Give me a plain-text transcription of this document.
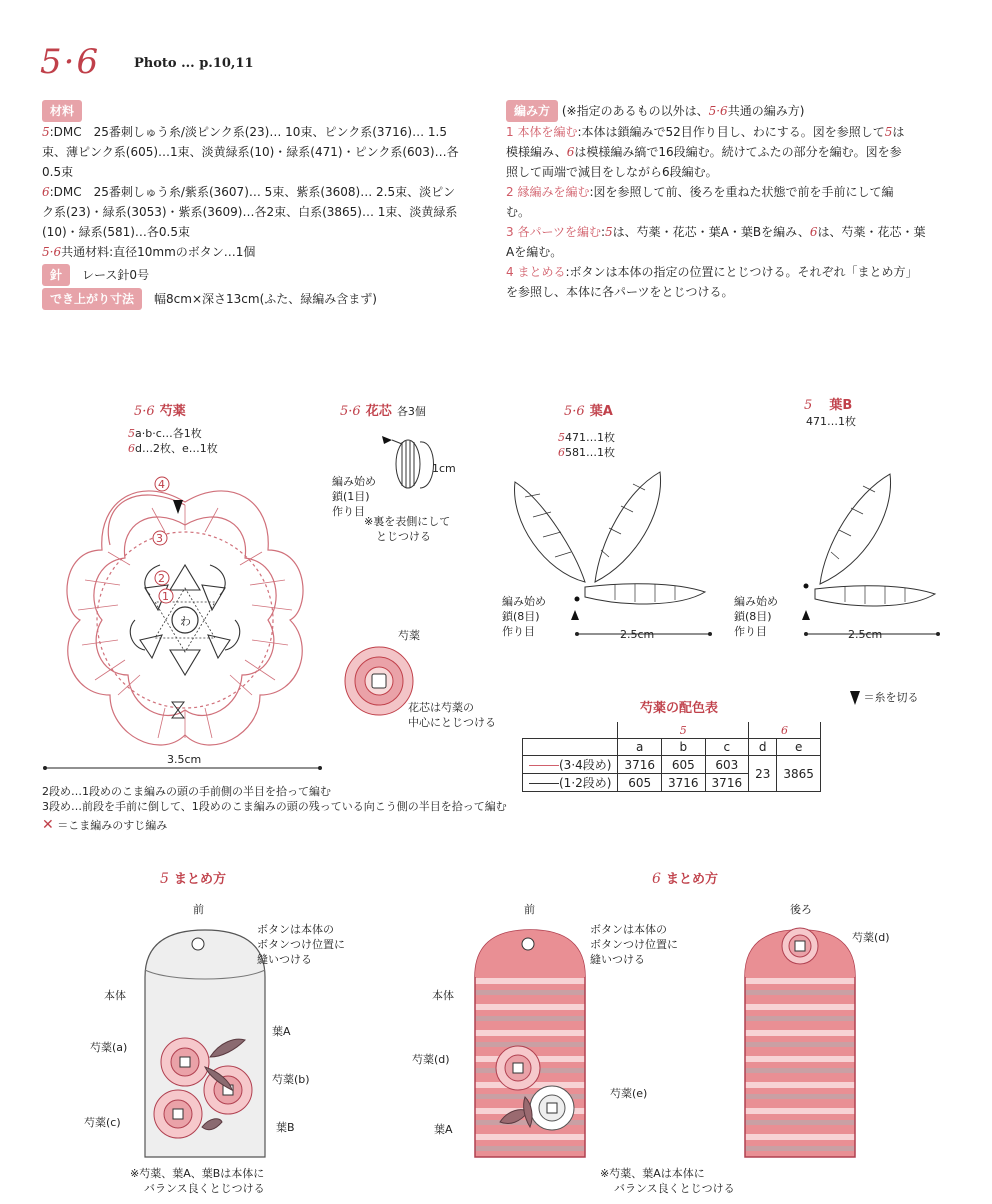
5·6	Photo ... p.10,11
材料
5:DMC　25番刺しゅう糸/淡ピンク系(23)… 10束、ピンク系(3716)… 1.5
束、薄ピンク系(605)…1束、淡黄緑系(10)・緑系(471)・ピンク系(603)…各
0.5束
6:DMC　25番刺しゅう糸/紫系(3607)… 5束、紫系(3608)… 2.5束、淡ピン
ク系(23)・緑系(3053)・紫系(3609)…各2束、白系(3865)… 1束、淡黄緑系
(10)・緑系(581)…各0.5束
5·6共通材料:直径10mmのボタン…1個
針　 レース針0号
でき上がり寸法　 幅8cm×深さ13cm(ふた、緑編み含まず)
編み方 (※指定のあるもの以外は、5·6共通の編み方)
1 本体を編む:本体は鎖編みで52目作り目し、わにする。図を参照して5は
模様編み、6は模様編み縞で16段編む。続けてふたの部分を編む。図を参
照して両端で減目をしながら6段編む。
2 縁編みを編む:図を参照して前、後ろを重ねた状態で前を手前にして編
む。
3 各パーツを編む:5は、芍薬・花芯・葉A・葉Bを編み、6は、芍薬・花芯・葉
Aを編む。
4 まとめる:ボタンは本体の指定の位置にとじつける。それぞれ「まとめ方」
を参照し、本体に各パーツをとじつける。
5·6 芍薬
5a·b·c…各1枚
6d…2枚、e…1枚
4
3
2
1
わ
3.5cm
2段め…1段めのこま編みの頭の手前側の半目を拾って編む
3段め…前段を手前に倒して、1段めのこま編みの頭の残っている向こう側の半目を拾って編む
✕ ＝こま編みのすじ編み
5·6 花芯 各3個
1cm
編み始め
鎖(1目)
作り目
※裏を表側にして
とじつける
芍薬
花芯は芍薬の
中心にとじつける
5·6 葉A
5471…1枚
6581…1枚
2.5cm
編み始め
鎖(8目)
作り目
5 葉B
471…1枚
2.5cm
編み始め
鎖(8目)
作り目
＝糸を切る
芍薬の配色表
	5			6	
	a	b	c	d	e
(3·4段め)	3716	605	603	23	3865
(1·2段め)	605	3716	3716		
5 まとめ方
前
ボタンは本体の
ボタンつけ位置に
縫いつける
本体
葉A
芍薬(a)
芍薬(b)
芍薬(c)	葉B
※芍薬、葉A、葉Bは本体に
バランス良くとじつける
6 まとめ方
前	後ろ
ボタンは本体の
ボタンつけ位置に
縫いつける
芍薬(d)
本体
芍薬(d)
芍薬(e)
葉A
※芍薬、葉Aは本体に
バランス良くとじつける
